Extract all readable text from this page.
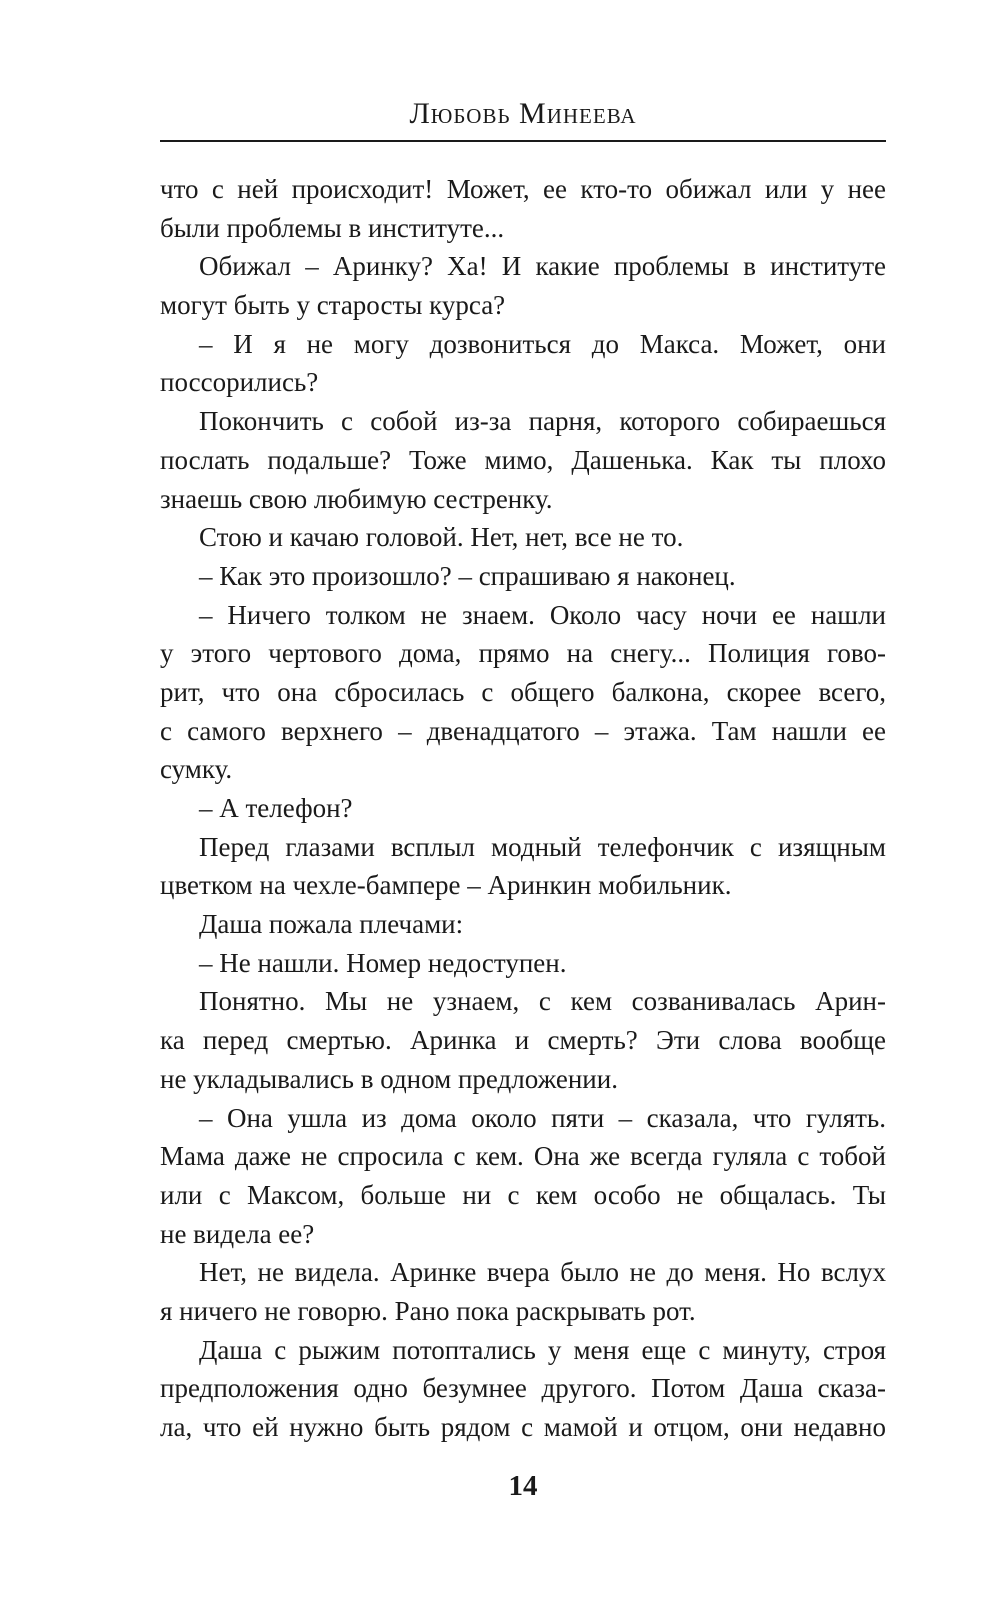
Любовь Минеева
что с ней происходит! Может, ее кто-то обижал или у нее
были проблемы в институте...
Обижал – Аринку? Ха! И какие проблемы в институте
могут быть у старосты курса?
– И я не могу дозвониться до Макса. Может, они
поссорились?
Покончить с собой из-за парня, которого собираешься
послать подальше? Тоже мимо, Дашенька. Как ты плохо
знаешь свою любимую сестренку.
Стою и качаю головой. Нет, нет, все не то.
– Как это произошло? – спрашиваю я наконец.
– Ничего толком не знаем. Около часу ночи ее нашли
у этого чертового дома, прямо на снегу... Полиция гово-
рит, что она сбросилась с общего балкона, скорее всего,
с самого верхнего – двенадцатого – этажа. Там нашли ее
сумку.
– А телефон?
Перед глазами всплыл модный телефончик с изящным
цветком на чехле-бампере – Аринкин мобильник.
Даша пожала плечами:
– Не нашли. Номер недоступен.
Понятно. Мы не узнаем, с кем созванивалась Арин-
ка перед смертью. Аринка и смерть? Эти слова вообще
не укладывались в одном предложении.
– Она ушла из дома около пяти – сказала, что гулять.
Мама даже не спросила с кем. Она же всегда гуляла с тобой
или с Максом, больше ни с кем особо не общалась. Ты
не видела ее?
Нет, не видела. Аринке вчера было не до меня. Но вслух
я ничего не говорю. Рано пока раскрывать рот.
Даша с рыжим потоптались у меня еще с минуту, строя
предположения одно безумнее другого. Потом Даша сказа-
ла, что ей нужно быть рядом с мамой и отцом, они недавно
14
